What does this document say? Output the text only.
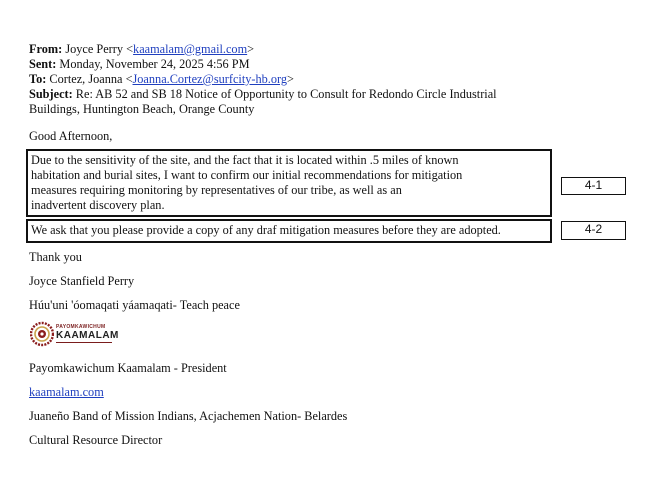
From: Joyce Perry <kaamalam@gmail.com>

Sent: Monday, November 24, 2025 4:56 PM

To: Cortez, Joanna <Joanna.Cortez@surfcity-hb.org>

Subject: Re: AB 52 and SB 18 Notice of Opportunity to Consult for Redondo Circle Industrial
Buildings, Huntington Beach, Orange County

Good Afternoon,

Due to the sensitivity of the site, and the fact that it is located within .5 miles of known
habitation and burial sites, I want to confirm our initial recommendations for mitigation
measures requiring monitoring by representatives of our tribe, as well as an
inadvertent discovery plan.
4-1
We ask that you please provide a copy of any draf mitigation measures before they are adopted.	4-2

Thank you

Joyce Stanfield Perry

Húu'uni 'óomaqati yáamaqati- Teach peace

PAYOMKAWICHUM
KAAMALAM

Payomkawichum Kaamalam - President

kaamalam.com

Juaneño Band of Mission Indians, Acjachemen Nation- Belardes

Cultural Resource Director
